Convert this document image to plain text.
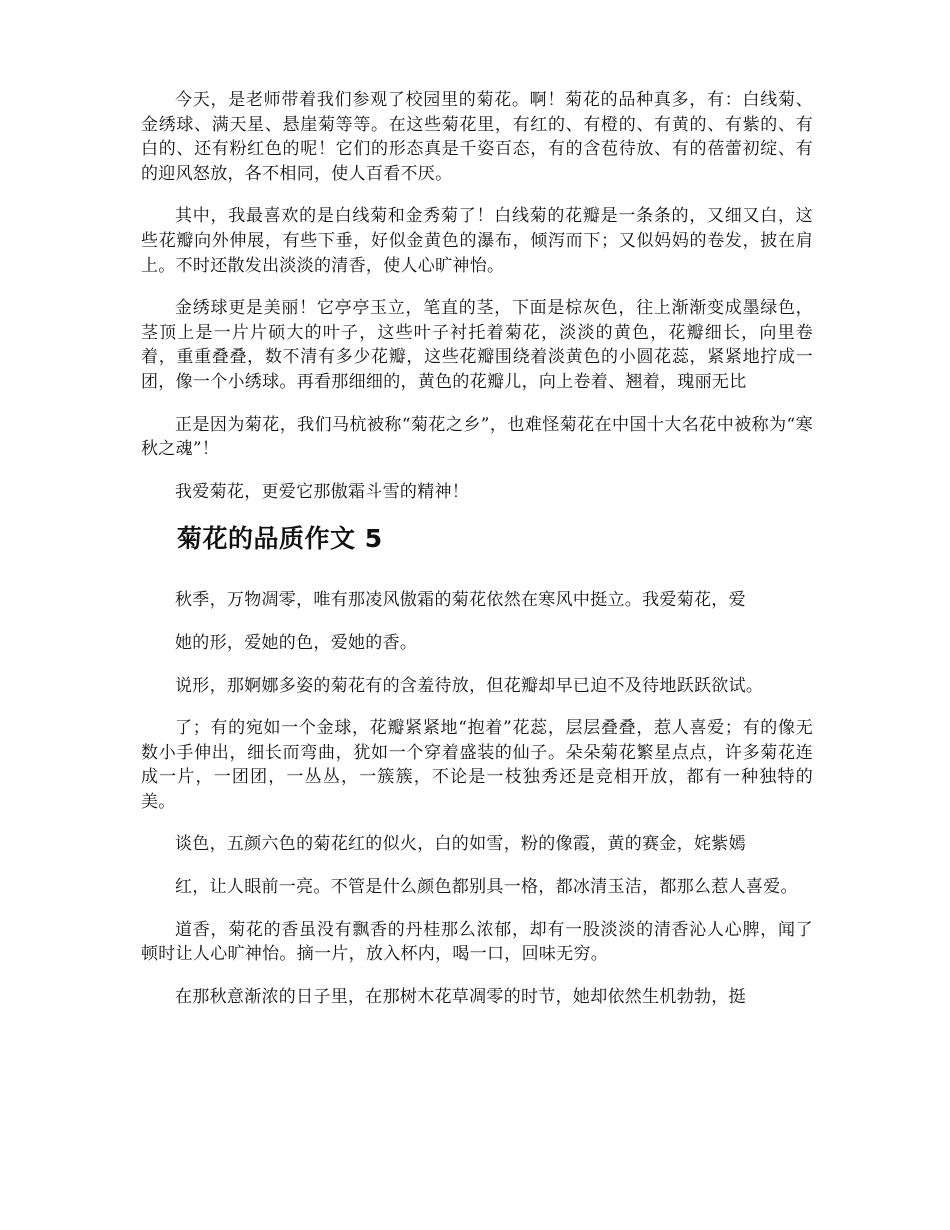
今天，是老师带着我们参观了校园里的菊花。啊！菊花的品种真多，有：白线菊、金绣球、满天星、悬崖菊等等。在这些菊花里，有红的、有橙的、有黄的、有紫的、有白的、还有粉红色的呢！它们的形态真是千姿百态，有的含苞待放、有的蓓蕾初绽、有的迎风怒放，各不相同，使人百看不厌。

其中，我最喜欢的是白线菊和金秀菊了！白线菊的花瓣是一条条的，又细又白，这些花瓣向外伸展，有些下垂，好似金黄色的瀑布，倾泻而下；又似妈妈的卷发，披在肩上。不时还散发出淡淡的清香，使人心旷神怡。

金绣球更是美丽！它亭亭玉立，笔直的茎，下面是棕灰色，往上渐渐变成墨绿色，茎顶上是一片片硕大的叶子，这些叶子衬托着菊花，淡淡的黄色，花瓣细长，向里卷着，重重叠叠，数不清有多少花瓣，这些花瓣围绕着淡黄色的小圆花蕊，紧紧地拧成一团，像一个小绣球。再看那细细的，黄色的花瓣儿，向上卷着、翘着，瑰丽无比

正是因为菊花，我们马杭被称“菊花之乡”，也难怪菊花在中国十大名花中被称为“寒秋之魂”！

我爱菊花，更爱它那傲霜斗雪的精神！

菊花的品质作文 5

秋季，万物凋零，唯有那凌风傲霜的菊花依然在寒风中挺立。我爱菊花，爱

她的形，爱她的色，爱她的香。

说形，那婀娜多姿的菊花有的含羞待放，但花瓣却早已迫不及待地跃跃欲试。

了；有的宛如一个金球，花瓣紧紧地“抱着”花蕊，层层叠叠，惹人喜爱；有的像无数小手伸出，细长而弯曲，犹如一个穿着盛装的仙子。朵朵菊花繁星点点，许多菊花连成一片，一团团，一丛丛，一簇簇，不论是一枝独秀还是竞相开放，都有一种独特的美。

谈色，五颜六色的菊花红的似火，白的如雪，粉的像霞，黄的赛金，姹紫嫣

红，让人眼前一亮。不管是什么颜色都别具一格，都冰清玉洁，都那么惹人喜爱。

道香，菊花的香虽没有飘香的丹桂那么浓郁，却有一股淡淡的清香沁人心脾，闻了顿时让人心旷神怡。摘一片，放入杯内，喝一口，回味无穷。

在那秋意渐浓的日子里，在那树木花草凋零的时节，她却依然生机勃勃，挺
